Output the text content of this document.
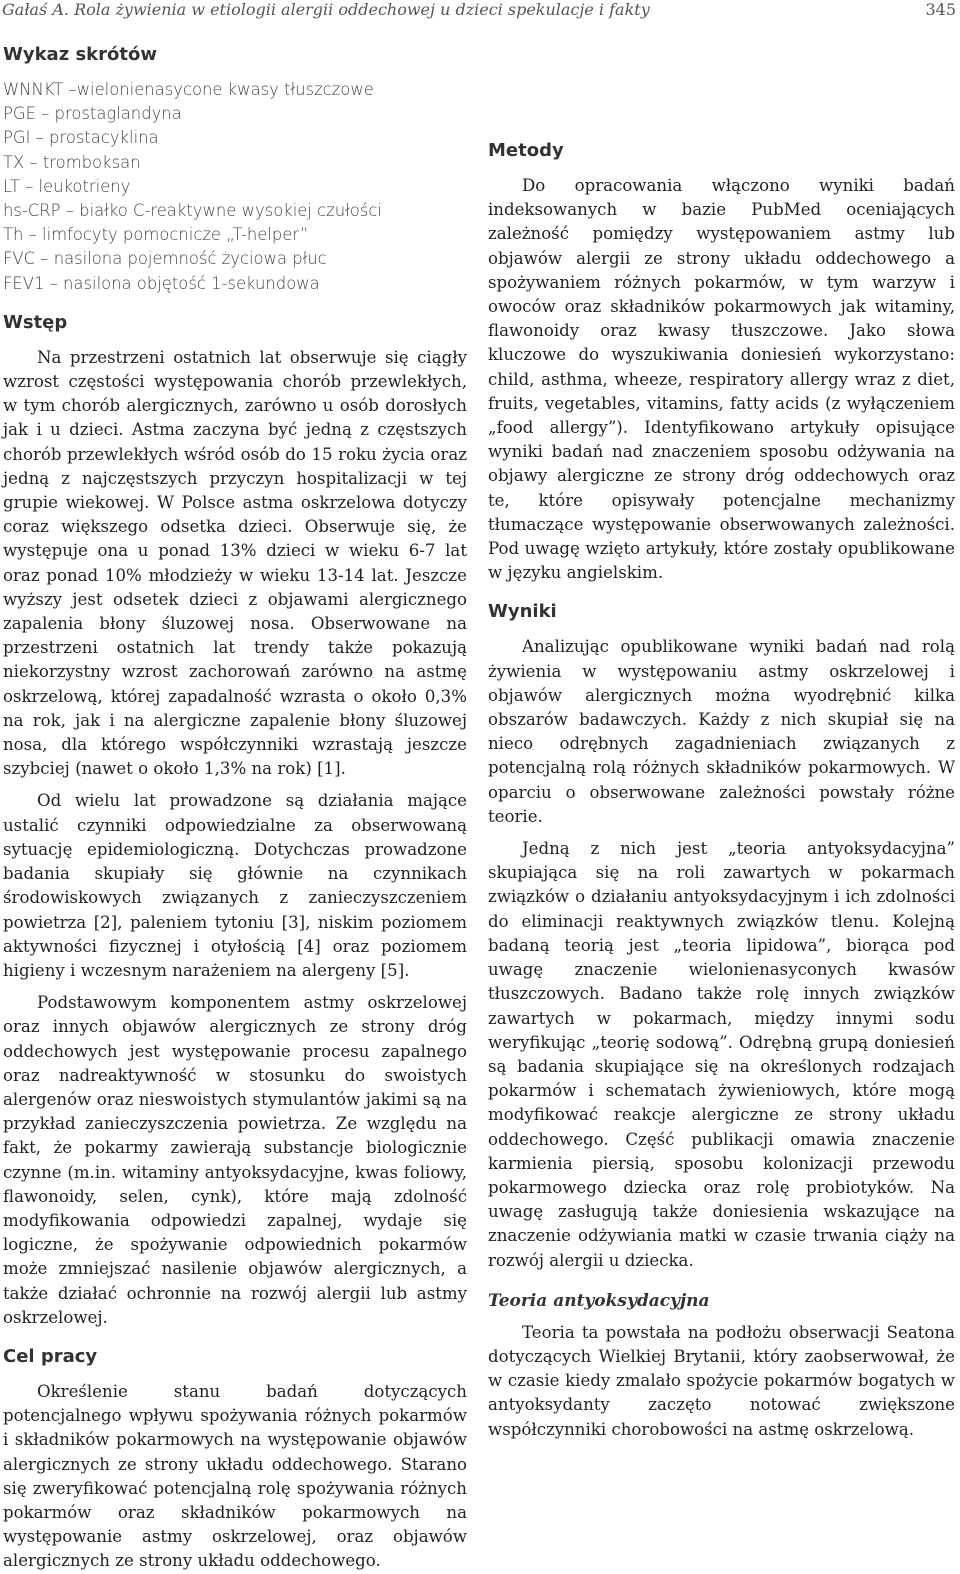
Gałaś A. Rola żywienia w etiologii alergii oddechowej u dzieci spekulacje i fakty	345
Wykaz skrótów
WNNKT –wielonienasycone kwasy tłuszczowe
PGE – prostaglandyna
PGI – prostacyklina
TX – tromboksan
LT – leukotrieny
hs-CRP – białko C-reaktywne wysokiej czułości
Th – limfocyty pomocnicze „T-helper”
FVC – nasilona pojemność życiowa płuc
FEV1 – nasilona objętość 1-sekundowa
Wstęp

Na przestrzeni ostatnich lat obserwuje się ciągły wzrost częstości występowania chorób przewlekłych, w tym chorób alergicznych, zarówno u osób dorosłych jak i u dzieci. Astma zaczyna być jedną z częstszych chorób przewlekłych wśród osób do 15 roku życia oraz jedną z najczęstszych przyczyn hospitalizacji w tej grupie wiekowej. W Polsce astma oskrzelowa dotyczy coraz większego odsetka dzieci. Obserwuje się, że występuje ona u ponad 13% dzieci w wieku 6-7 lat oraz ponad 10% młodzieży w wieku 13-14 lat. Jeszcze wyższy jest odsetek dzieci z objawami alergicznego zapalenia błony śluzowej nosa. Obserwowane na przestrzeni ostatnich lat trendy także pokazują niekorzystny wzrost zachorowań zarówno na astmę oskrzelową, której zapadalność wzrasta o około 0,3% na rok, jak i na alergiczne zapalenie błony śluzowej nosa, dla którego współczynniki wzrastają jeszcze szybciej (nawet o około 1,3% na rok) [1].

Od wielu lat prowadzone są działania mające ustalić czynniki odpowiedzialne za obserwowaną sytuację epidemiologiczną. Dotychczas prowadzone badania skupiały się głównie na czynnikach środowiskowych związanych z zanieczyszczeniem powietrza [2], paleniem tytoniu [3], niskim poziomem aktywności fizycznej i otyłością [4] oraz poziomem higieny i wczesnym narażeniem na alergeny [5].

Podstawowym komponentem astmy oskrzelowej oraz innych objawów alergicznych ze strony dróg oddechowych jest występowanie procesu zapalnego oraz nadreaktywność w stosunku do swoistych alergenów oraz nieswoistych stymulantów jakimi są na przykład zanieczyszczenia powietrza. Ze względu na fakt, że pokarmy zawierają substancje biologicznie czynne (m.in. witaminy antyoksydacyjne, kwas foliowy, flawonoidy, selen, cynk), które mają zdolność modyfikowania odpowiedzi zapalnej, wydaje się logiczne, że spożywanie odpowiednich pokarmów może zmniejszać nasilenie objawów alergicznych, a także działać ochronnie na rozwój alergii lub astmy oskrzelowej.

Cel pracy

Określenie stanu badań dotyczących potencjalnego wpływu spożywania różnych pokarmów i składników pokarmowych na występowanie objawów alergicznych ze strony układu oddechowego. Starano się zweryfikować potencjalną rolę spożywania różnych pokarmów oraz składników pokarmowych na występowanie astmy oskrzelowej, oraz objawów alergicznych ze strony układu oddechowego.

Metody

Do opracowania włączono wyniki badań indeksowanych w bazie PubMed oceniających zależność pomiędzy występowaniem astmy lub objawów alergii ze strony układu oddechowego a spożywaniem różnych pokarmów, w tym warzyw i owoców oraz składników pokarmowych jak witaminy, flawonoidy oraz kwasy tłuszczowe. Jako słowa kluczowe do wyszukiwania doniesień wykorzystano: child, asthma, wheeze, respiratory allergy wraz z diet, fruits, vegetables, vitamins, fatty acids (z wyłączeniem „food allergy”). Identyfikowano artykuły opisujące wyniki badań nad znaczeniem sposobu odżywania na objawy alergiczne ze strony dróg oddechowych oraz te, które opisywały potencjalne mechanizmy tłumaczące występowanie obserwowanych zależności. Pod uwagę wzięto artykuły, które zostały opublikowane w języku angielskim.

Wyniki

Analizując opublikowane wyniki badań nad rolą żywienia w występowaniu astmy oskrzelowej i objawów alergicznych można wyodrębnić kilka obszarów badawczych. Każdy z nich skupiał się na nieco odrębnych zagadnieniach związanych z potencjalną rolą różnych składników pokarmowych. W oparciu o obserwowane zależności powstały różne teorie.

Jedną z nich jest „teoria antyoksydacyjna” skupiająca się na roli zawartych w pokarmach związków o działaniu antyoksydacyjnym i ich zdolności do eliminacji reaktywnych związków tlenu. Kolejną badaną teorią jest „teoria lipidowa”, biorąca pod uwagę znaczenie wielonienasyconych kwasów tłuszczowych. Badano także rolę innych związków zawartych w pokarmach, między innymi sodu weryfikując „teorię sodową”. Odrębną grupą doniesień są badania skupiające się na określonych rodzajach pokarmów i schematach żywieniowych, które mogą modyfikować reakcje alergiczne ze strony układu oddechowego. Część publikacji omawia znaczenie karmienia piersią, sposobu kolonizacji przewodu pokarmowego dziecka oraz rolę probiotyków. Na uwagę zasługują także doniesienia wskazujące na znaczenie odżywiania matki w czasie trwania ciąży na rozwój alergii u dziecka.

Teoria antyoksydacyjna

Teoria ta powstała na podłożu obserwacji Seatona dotyczących Wielkiej Brytanii, który zaobserwował, że w czasie kiedy zmalało spożycie pokarmów bogatych w antyoksydanty zaczęto notować zwiększone współczynniki chorobowości na astmę oskrzelową.
